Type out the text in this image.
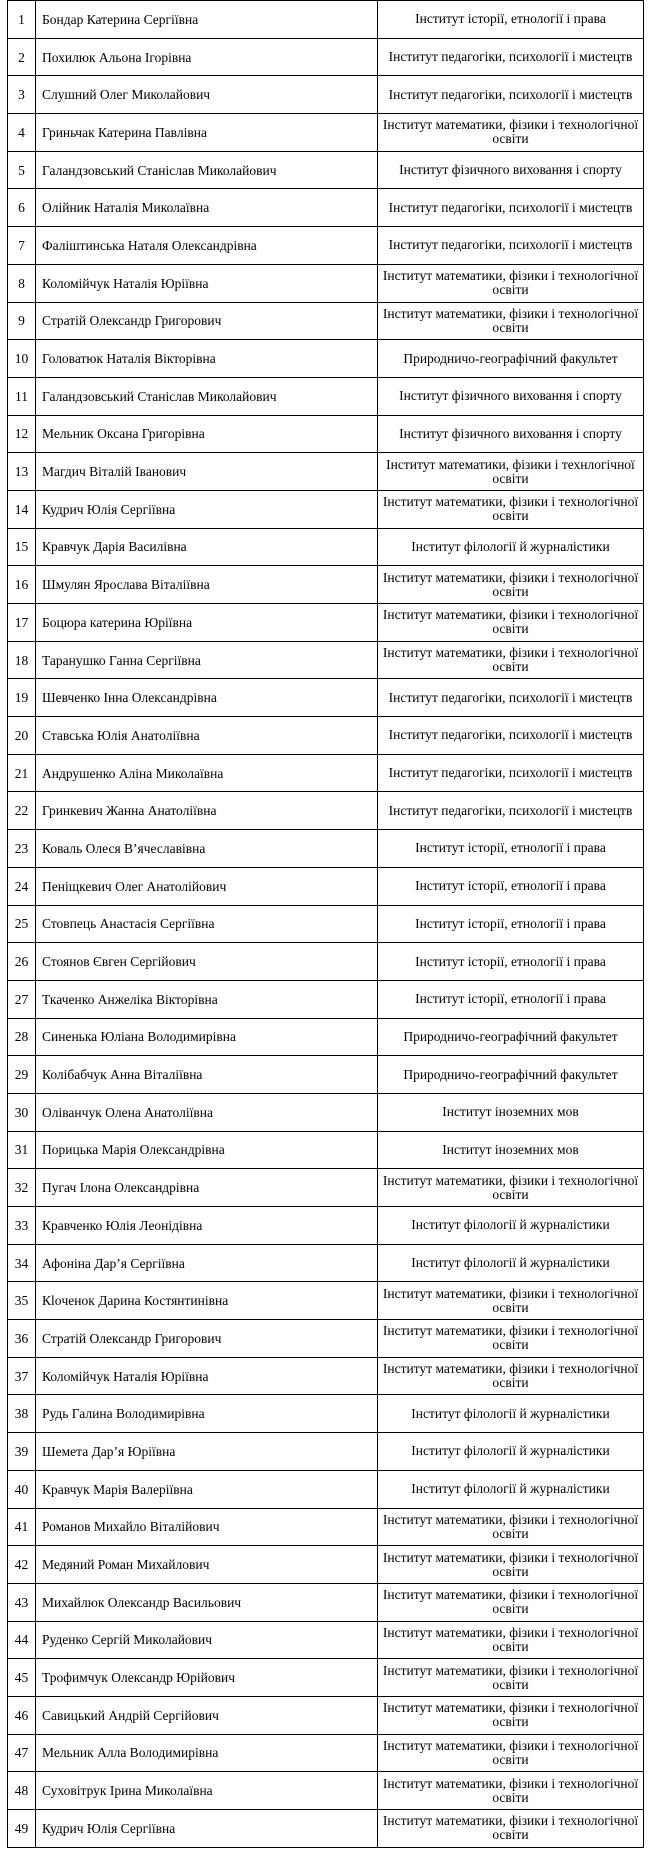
1	Бондар Катерина Сергіївна	Інститут історії, етнології і права
2	Похилюк Альона Ігорівна	Інститут педагогіки, психології і мистецтв
3	Слушний Олег Миколайович	Інститут педагогіки, психології і мистецтв
4	Гриньчак Катерина Павлівна	Інститут математики, фізики і технологічної освіти
5	Галандзовський Станіслав Миколайович	Інститут фізичного виховання і спорту
6	Олійник Наталія Миколаївна	Інститут педагогіки, психології і мистецтв
7	Фаліштинська Наталя Олександрівна	Інститут педагогіки, психології і мистецтв
8	Коломійчук Наталія Юріївна	Інститут математики, фізики і технологічної освіти
9	Стратій Олександр Григорович	Інститут математики, фізики і технологічної освіти
10	Головатюк Наталія Вікторівна	Природничо-географічний факультет
11	Галандзовський Станіслав Миколайович	Інститут фізичного виховання і спорту
12	Мельник Оксана Григорівна	Інститут фізичного виховання і спорту
13	Магдич Віталій Іванович	Інститут математики, фізики і технлогічної освіти
14	Кудрич Юлія Сергіївна	Інститут математики, фізики і технологічної освіти
15	Кравчук Дарія Василівна	Інститут філології й журналістики
16	Шмулян Ярослава Віталіївна	Інститут математики, фізики і технологічної освіти
17	Боцюра катерина Юріївна	Інститут математики, фізики і технологічної освіти
18	Таранушко Ганна Сергіївна	Інститут математики, фізики і технологічної освіти
19	Шевченко Інна Олександрівна	Інститут педагогіки, психології і мистецтв
20	Ставська Юлія Анатоліївна	Інститут педагогіки, психології і мистецтв
21	Андрушенко Аліна Миколаївна	Інститут педагогіки, психології і мистецтв
22	Гринкевич Жанна Анатоліївна	Інститут педагогіки, психології і мистецтв
23	Коваль Олеся В’ячеславівна	Інститут історії, етнології і права
24	Пеніщкевич Олег Анатолійович	Інститут історії, етнології і права
25	Стовпець Анастасія Сергіївна	Інститут історії, етнології і права
26	Стоянов Євген Сергійович	Інститут історії, етнології і права
27	Ткаченко Анжеліка Вікторівна	Інститут історії, етнології і права
28	Синенька Юліана Володимирівна	Природничо-географічний факультет
29	Колібабчук Анна Віталіївна	Природничо-географічний факультет
30	Оліванчук Олена Анатоліївна	Інститут іноземних мов
31	Порицька Марія Олександрівна	Інститут іноземних мов
32	Пугач Ілона Олександрівна	Інститут математики, фізики і технологічної освіти
33	Кравченко Юлія Леонідівна	Інститут філології й журналістики
34	Афоніна Дар’я Сергіївна	Інститут філології й журналістики
35	Кloченок Дарина Костянтинівна	Інститут математики, фізики і технологічної освіти
36	Стратій Олександр Григорович	Інститут математики, фізики і технологічної освіти
37	Коломійчук Наталія Юріївна	Інститут математики, фізики і технологічної освіти
38	Рудь Галина Володимирівна	Інститут філології й журналістики
39	Шемета Дар’я Юріївна	Інститут філології й журналістики
40	Кравчук Марія Валеріївна	Інститут філології й журналістики
41	Романов Михайло Віталійович	Інститут математики, фізики і технологічної освіти
42	Медяний Роман Михайлович	Інститут математики, фізики і технологічної освіти
43	Михайлюк Олександр Васильович	Інститут математики, фізики і технологічної освіти
44	Руденко Сергій Миколайович	Інститут математики, фізики і технологічної освіти
45	Трофимчук Олександр Юрійович	Інститут математики, фізики і технологічної освіти
46	Савицький Андрій Сергійович	Інститут математики, фізики і технологічної освіти
47	Мельник Алла Володимирівна	Інститут математики, фізики і технологічної освіти
48	Суховітрук Ірина Миколаївна	Інститут математики, фізики і технологічної освіти
49	Кудрич Юлія Сергіївна	Інститут математики, фізики і технологічної освіти
